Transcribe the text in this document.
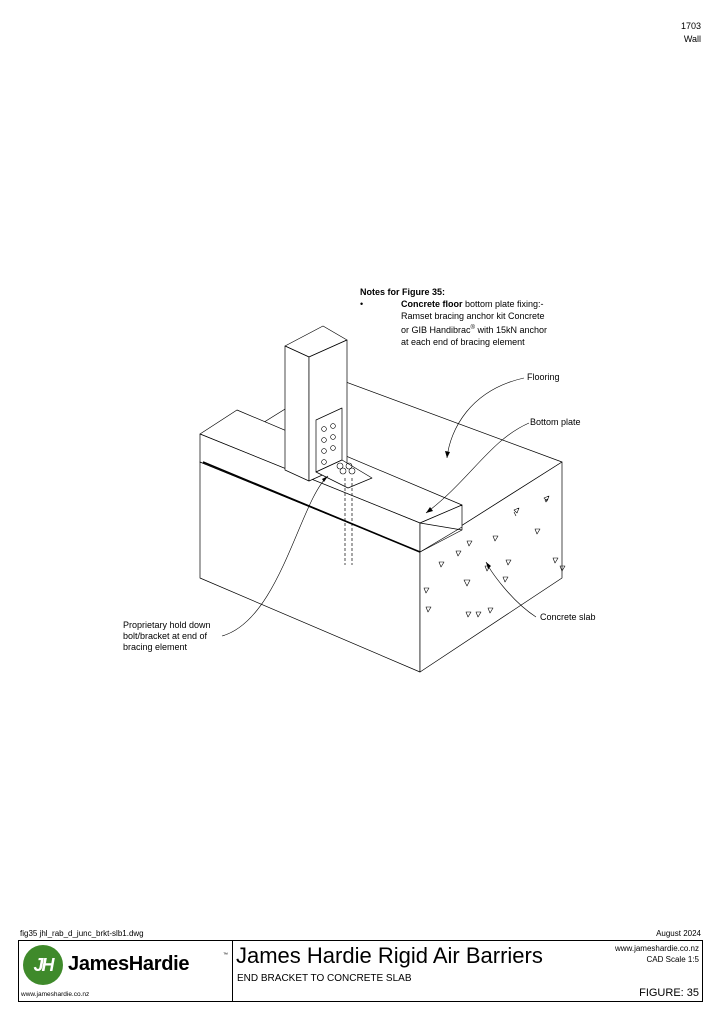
1703
Wall
Notes for Figure 35:
•	Concrete floor bottom plate fixing:-
Ramset bracing anchor kit Concrete
or GIB Handibrac® with 15kN anchor
at each end of bracing element
Flooring
Bottom plate
Concrete slab
Proprietary hold down
bolt/bracket at end of
bracing element
fig35 jhl_rab_d_junc_brkt-slb1.dwg	August 2024
JH JamesHardie	™
www.jameshardie.co.nz
James Hardie Rigid Air Barriers
END BRACKET TO CONCRETE SLAB
www.jameshardie.co.nz
CAD Scale 1:5
FIGURE: 35
